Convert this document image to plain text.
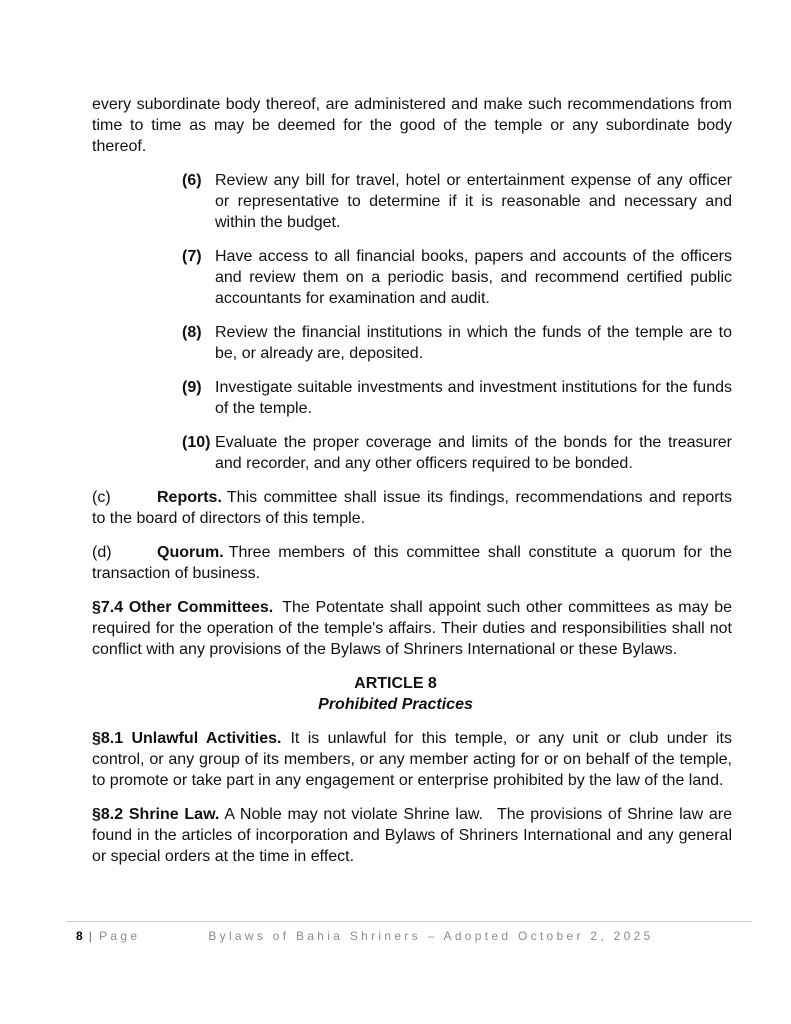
every subordinate body thereof, are administered and make such recommendations from time to time as may be deemed for the good of the temple or any subordinate body thereof.

(6) Review any bill for travel, hotel or entertainment expense of any officer or representative to determine if it is reasonable and necessary and within the budget.

(7) Have access to all financial books, papers and accounts of the officers and review them on a periodic basis, and recommend certified public accountants for examination and audit.

(8) Review the financial institutions in which the funds of the temple are to be, or already are, deposited.

(9) Investigate suitable investments and investment institutions for the funds of the temple.

(10) Evaluate the proper coverage and limits of the bonds for the treasurer and recorder, and any other officers required to be bonded.

(c)	Reports. This committee shall issue its findings, recommendations and reports to the board of directors of this temple.

(d)	Quorum. Three members of this committee shall constitute a quorum for the transaction of business.

§7.4 Other Committees. The Potentate shall appoint such other committees as may be required for the operation of the temple's affairs. Their duties and responsibilities shall not conflict with any provisions of the Bylaws of Shriners International or these Bylaws.

ARTICLE 8
Prohibited Practices

§8.1 Unlawful Activities. It is unlawful for this temple, or any unit or club under its control, or any group of its members, or any member acting for or on behalf of the temple, to promote or take part in any engagement or enterprise prohibited by the law of the land.

§8.2 Shrine Law. A Noble may not violate Shrine law. The provisions of Shrine law are found in the articles of incorporation and Bylaws of Shriners International and any general or special orders at the time in effect.

8 | Page	Bylaws of Bahia Shriners – Adopted October 2, 2025
